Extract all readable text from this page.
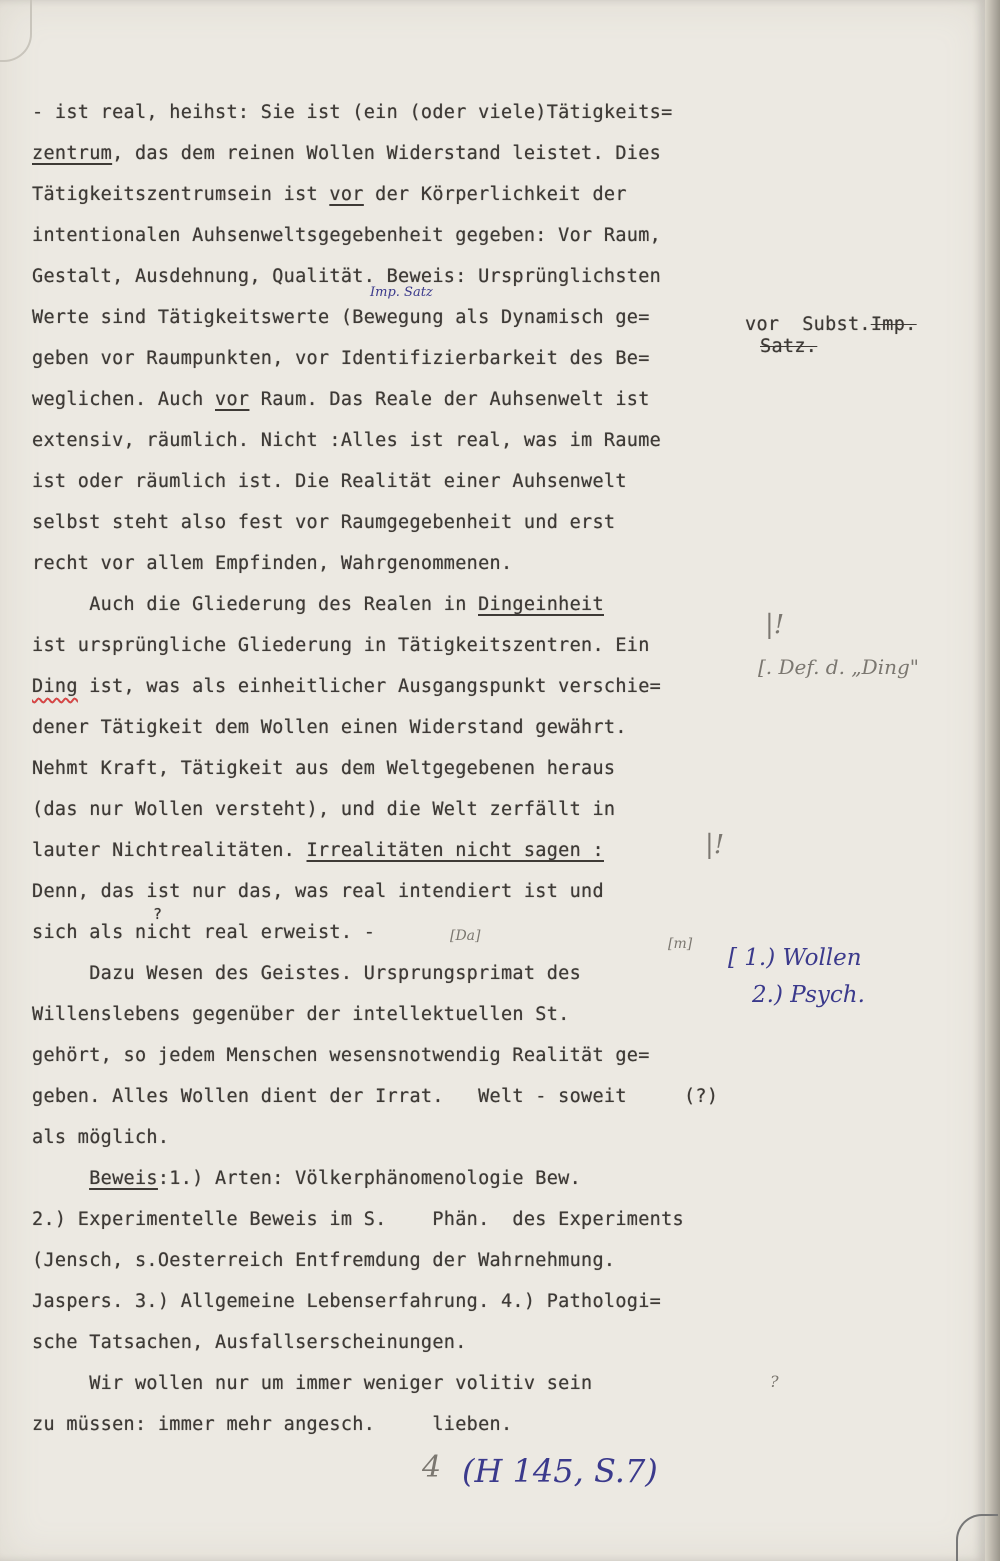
- ist real, heihst: Sie ist (ein (oder viele)Tätigkeits=
zentrum, das dem reinen Wollen Widerstand leistet. Dies
Tätigkeitszentrumsein ist vor der Körperlichkeit der
intentionalen Auhsenweltsgegebenheit gegeben: Vor Raum,
Gestalt, Ausdehnung, Qualität. Beweis: Ursprünglichsten
Werte sind Tätigkeitswerte (Bewegung als Dynamisch ge=
geben vor Raumpunkten, vor Identifizierbarkeit des Be=
weglichen. Auch vor Raum. Das Reale der Auhsenwelt ist
extensiv, räumlich. Nicht :Alles ist real, was im Raume
ist oder räumlich ist. Die Realität einer Auhsenwelt
selbst steht also fest vor Raumgegebenheit und erst
recht vor allem Empfinden, Wahrgenommenen.
Auch die Gliederung des Realen in Dingeinheit
ist ursprüngliche Gliederung in Tätigkeitszentren. Ein
Ding ist, was als einheitlicher Ausgangspunkt verschie=
dener Tätigkeit dem Wollen einen Widerstand gewährt.
Nehmt Kraft, Tätigkeit aus dem Weltgegebenen heraus
(das nur Wollen versteht), und die Welt zerfällt in
lauter Nichtrealitäten. Irrealitäten nicht sagen :
Denn, das ist nur das, was real intendiert ist und
sich als nicht real erweist. -
Dazu Wesen des Geistes. Ursprungsprimat des
Willenslebens gegenüber der intellektuellen St.
gehört, so jedem Menschen wesensnotwendig Realität ge=
geben. Alles Wollen dient der Irrat.   Welt - soweit     (?)
als möglich.
Beweis:1.) Arten: Völkerphänomenologie Bew.
2.) Experimentelle Beweis im S.    Phän.  des Experiments
(Jensch, s.Oesterreich Entfremdung der Wahrnehmung.
Jaspers. 3.) Allgemeine Lebenserfahrung. 4.) Pathologi=
sche Tatsachen, Ausfallserscheinungen.
Wir wollen nur um immer weniger volitiv sein
zu müssen: immer mehr angesch.     lieben.
Imp. Satz
vor  Subst.Imp.
Satz.
[. Def. d. „Ding"
|!
|!
[Da]	[m]
[ 1.) Wollen
2.) Psych.
?
?
4 (H 145, S.7)
